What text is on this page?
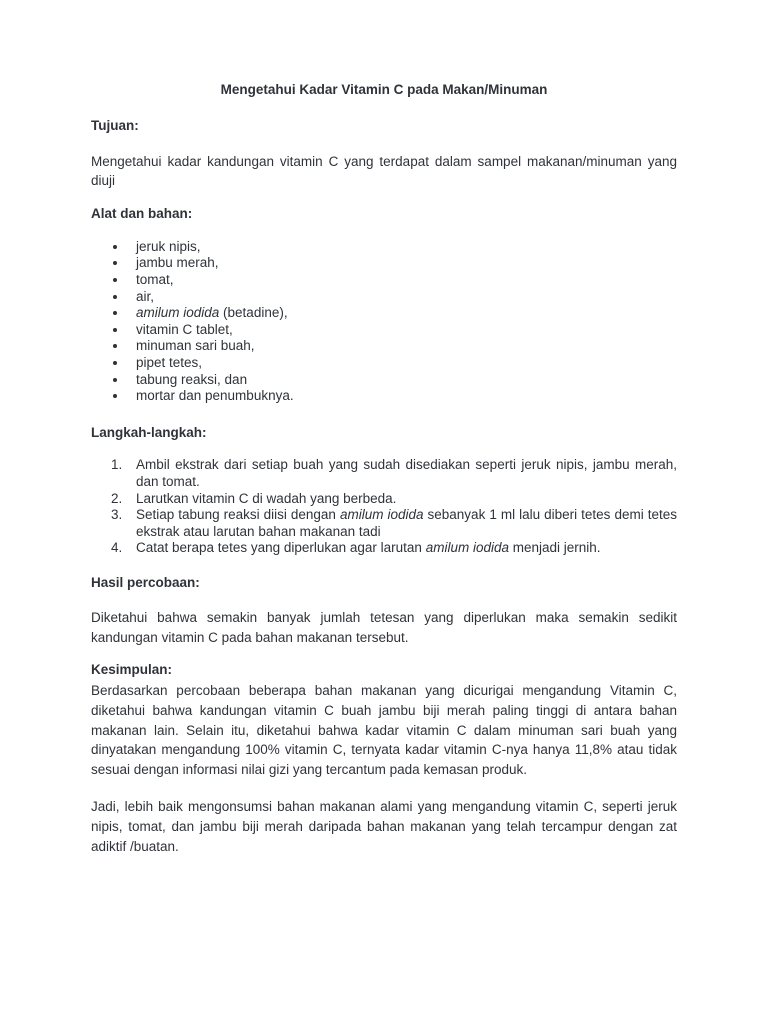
Mengetahui Kadar Vitamin C pada Makan/Minuman
Tujuan:

Mengetahui kadar kandungan vitamin C yang terdapat dalam sampel makanan/minuman yang diuji

Alat dan bahan:
jeruk nipis,
jambu merah,
tomat,
air,
amilum iodida (betadine),
vitamin C tablet,
minuman sari buah,
pipet tetes,
tabung reaksi, dan
mortar dan penumbuknya.
Langkah-langkah:
1. Ambil ekstrak dari setiap buah yang sudah disediakan seperti jeruk nipis, jambu merah, dan tomat.
2. Larutkan vitamin C di wadah yang berbeda.
3. Setiap tabung reaksi diisi dengan amilum iodida sebanyak 1 ml lalu diberi tetes demi tetes ekstrak atau larutan bahan makanan tadi
4. Catat berapa tetes yang diperlukan agar larutan amilum iodida menjadi jernih.
Hasil percobaan:

Diketahui bahwa semakin banyak jumlah tetesan yang diperlukan maka semakin sedikit kandungan vitamin C pada bahan makanan tersebut.

Kesimpulan:

Berdasarkan percobaan beberapa bahan makanan yang dicurigai mengandung Vitamin C, diketahui bahwa kandungan vitamin C buah jambu biji merah paling tinggi di antara bahan makanan lain. Selain itu, diketahui bahwa kadar vitamin C dalam minuman sari buah yang dinyatakan mengandung 100% vitamin C, ternyata kadar vitamin C-nya hanya 11,8% atau tidak sesuai dengan informasi nilai gizi yang tercantum pada kemasan produk.

Jadi, lebih baik mengonsumsi bahan makanan alami yang mengandung vitamin C, seperti jeruk nipis, tomat, dan jambu biji merah daripada bahan makanan yang telah tercampur dengan zat adiktif /buatan.
